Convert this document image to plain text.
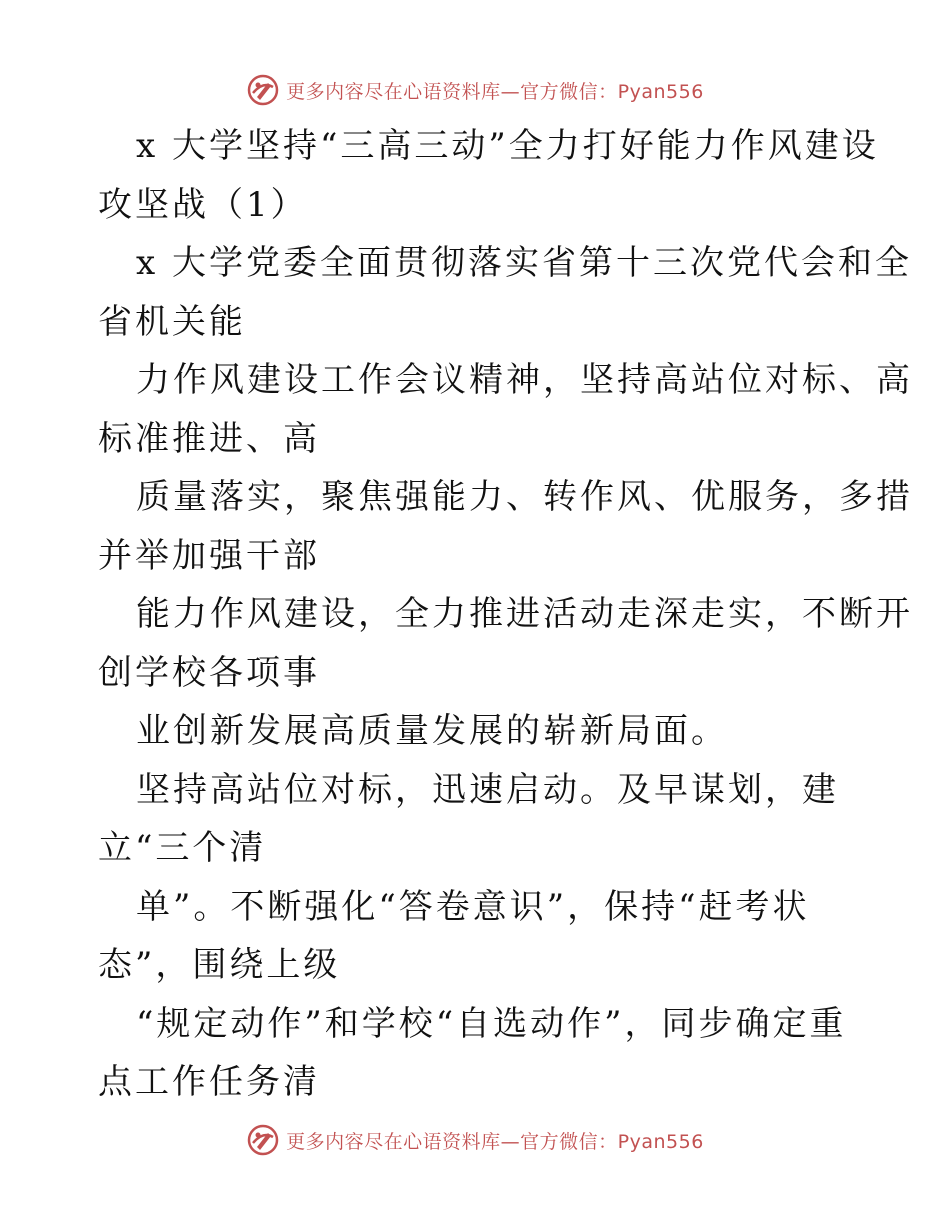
更多内容尽在心语资料库—官方微信：Pyan556
x 大学坚持“三高三动”全力打好能力作风建设
攻坚战（1）
x 大学党委全面贯彻落实省第十三次党代会和全
省机关能
力作风建设工作会议精神，坚持高站位对标、高
标准推进、高
质量落实，聚焦强能力、转作风、优服务，多措
并举加强干部
能力作风建设，全力推进活动走深走实，不断开
创学校各项事
业创新发展高质量发展的崭新局面。
坚持高站位对标，迅速启动。及早谋划，建
立“三个清
单”。不断强化“答卷意识”，保持“赶考状
态”，围绕上级
“规定动作”和学校“自选动作”，同步确定重
点工作任务清
更多内容尽在心语资料库—官方微信：Pyan556
